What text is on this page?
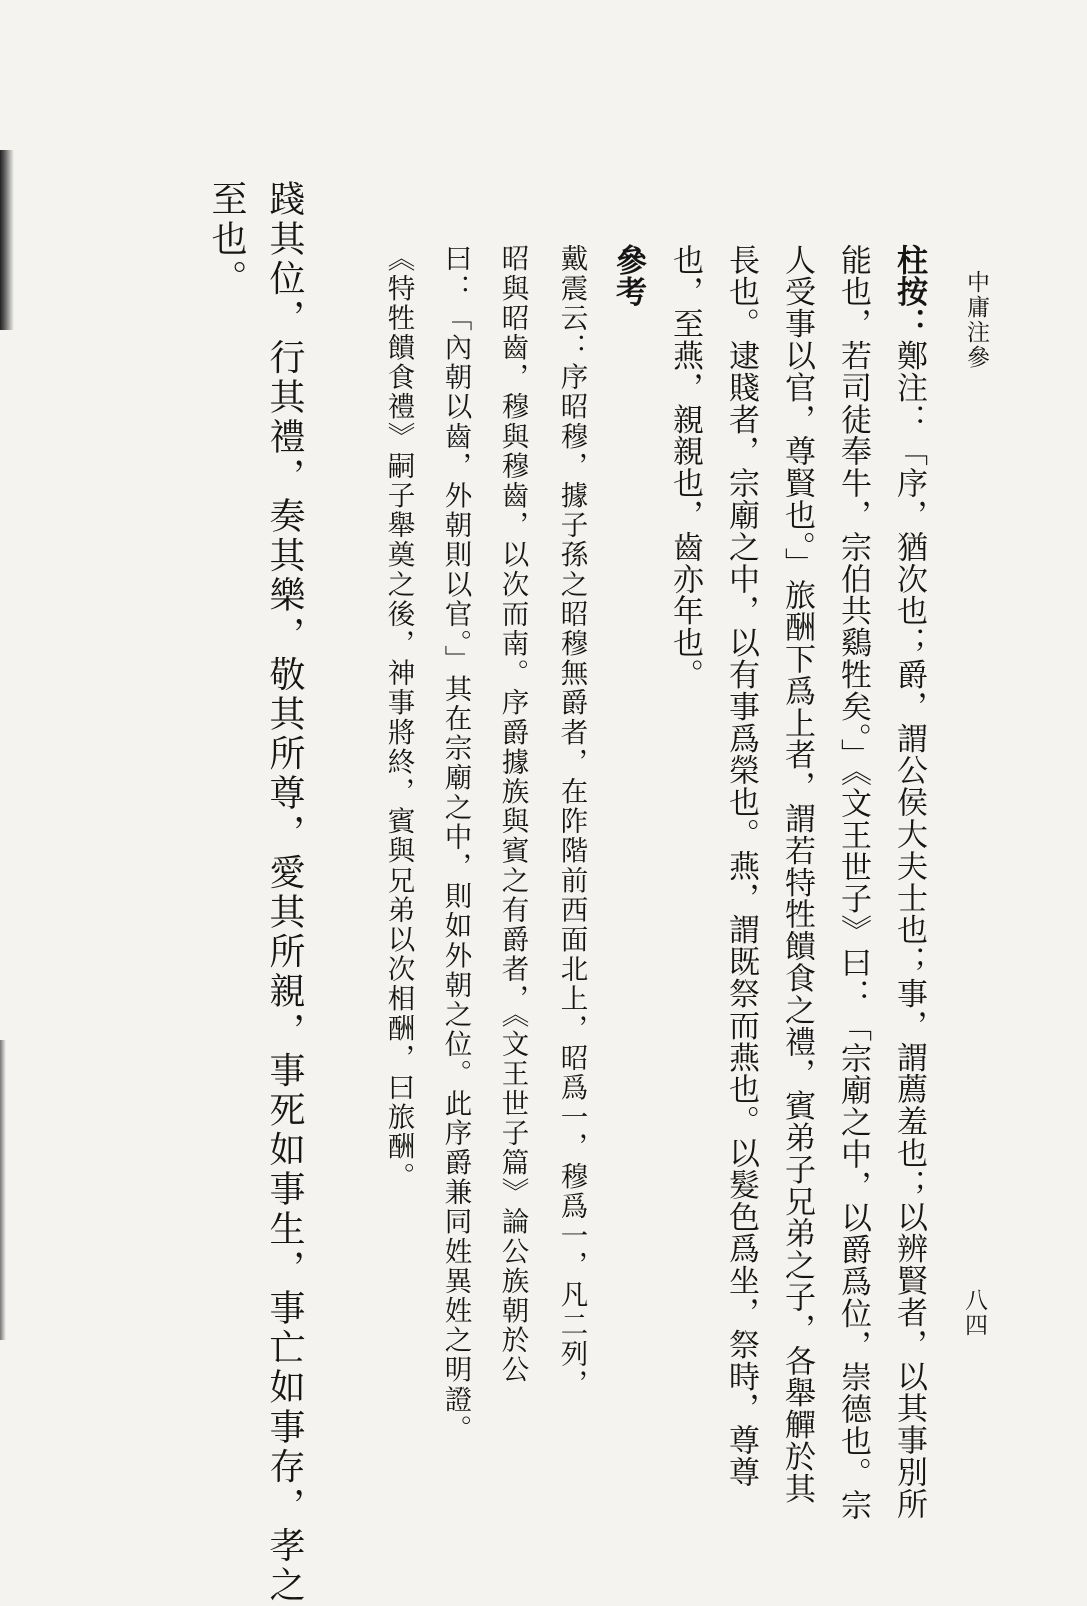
中庸注參
八四
柱按：鄭注：「序，猶次也；爵，謂公侯大夫士也；事，謂薦羞也；以辨賢者，以其事別所
能也，若司徒奉牛，宗伯共鷄牲矣。」《文王世子》曰：「宗廟之中，以爵爲位，崇德也。宗
人受事以官，尊賢也。」旅酬下爲上者，謂若特牲饋食之禮，賓弟子兄弟之子，各舉觶於其
長也。逮賤者，宗廟之中，以有事爲榮也。燕，謂既祭而燕也。以髮色爲坐，祭時，尊尊
也，至燕，親親也，齒亦年也。
參考
戴震云：序昭穆，據子孫之昭穆無爵者，在阼階前西面北上，昭爲一，穆爲一，凡二列，
昭與昭齒，穆與穆齒，以次而南。序爵據族與賓之有爵者，《文王世子篇》論公族朝於公
曰：「內朝以齒，外朝則以官。」其在宗廟之中，則如外朝之位。此序爵兼同姓異姓之明證。
《特牲饋食禮》嗣子舉奠之後，神事將終，賓與兄弟以次相酬，曰旅酬。
踐其位，行其禮，奏其樂，敬其所尊，愛其所親，事死如事生，事亡如事存，孝之
至也。
